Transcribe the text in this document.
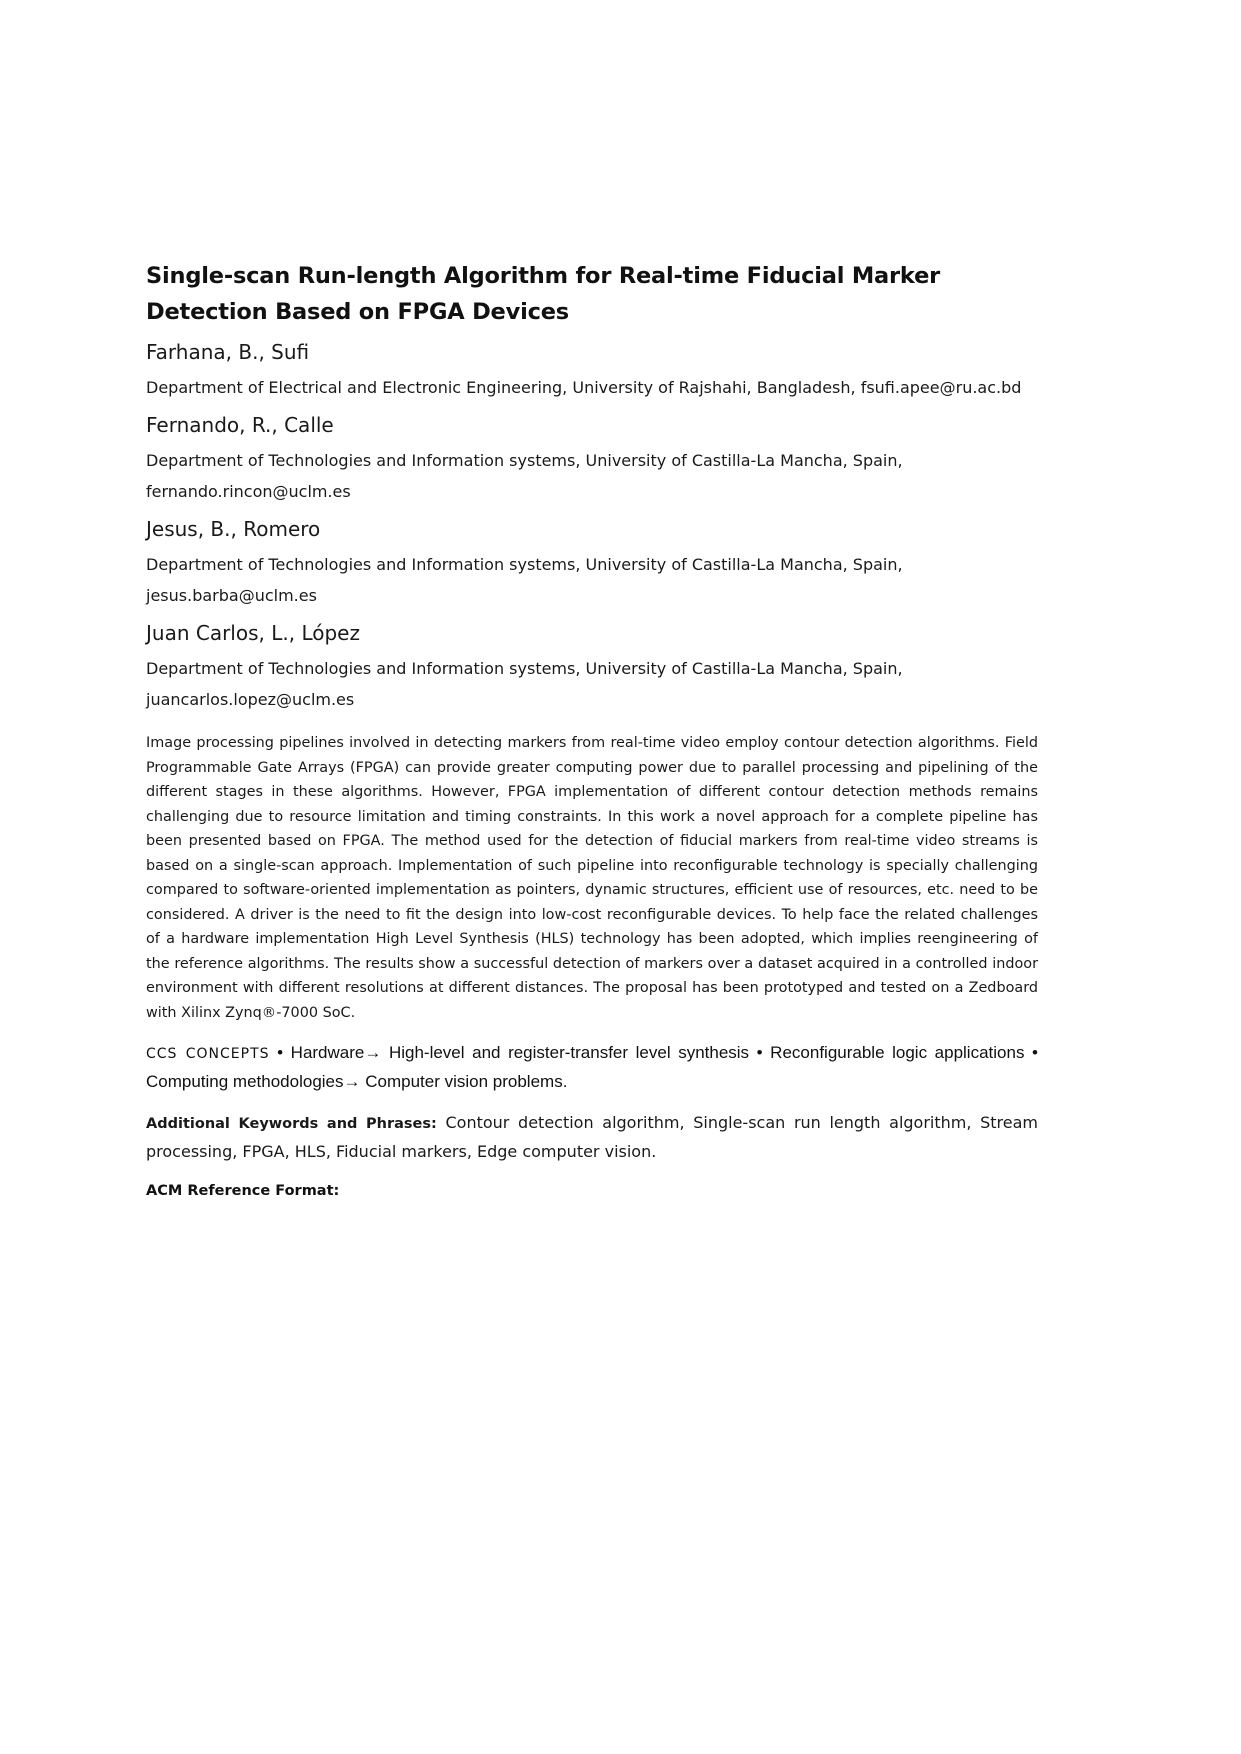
Single-scan Run-length Algorithm for Real-time Fiducial Marker Detection Based on FPGA Devices
Farhana, B., Sufi
Department of Electrical and Electronic Engineering, University of Rajshahi, Bangladesh, fsufi.apee@ru.ac.bd
Fernando, R., Calle
Department of Technologies and Information systems, University of Castilla-La Mancha, Spain,
fernando.rincon@uclm.es
Jesus, B., Romero
Department of Technologies and Information systems, University of Castilla-La Mancha, Spain,
jesus.barba@uclm.es
Juan Carlos, L., López
Department of Technologies and Information systems, University of Castilla-La Mancha, Spain,
juancarlos.lopez@uclm.es

Image processing pipelines involved in detecting markers from real-time video employ contour detection algorithms. Field Programmable Gate Arrays (FPGA) can provide greater computing power due to parallel processing and pipelining of the different stages in these algorithms. However, FPGA implementation of different contour detection methods remains challenging due to resource limitation and timing constraints. In this work a novel approach for a complete pipeline has been presented based on FPGA. The method used for the detection of fiducial markers from real-time video streams is based on a single-scan approach. Implementation of such pipeline into reconfigurable technology is specially challenging compared to software-oriented implementation as pointers, dynamic structures, efficient use of resources, etc. need to be considered. A driver is the need to fit the design into low-cost reconfigurable devices. To help face the related challenges of a hardware implementation High Level Synthesis (HLS) technology has been adopted, which implies reengineering of the reference algorithms. The results show a successful detection of markers over a dataset acquired in a controlled indoor environment with different resolutions at different distances. The proposal has been prototyped and tested on a Zedboard with Xilinx Zynq®-7000 SoC.

CCS CONCEPTS • Hardware→ High-level and register-transfer level synthesis • Reconfigurable logic applications • Computing methodologies→ Computer vision problems.

Additional Keywords and Phrases: Contour detection algorithm, Single-scan run length algorithm, Stream processing, FPGA, HLS, Fiducial markers, Edge computer vision.

ACM Reference Format:
